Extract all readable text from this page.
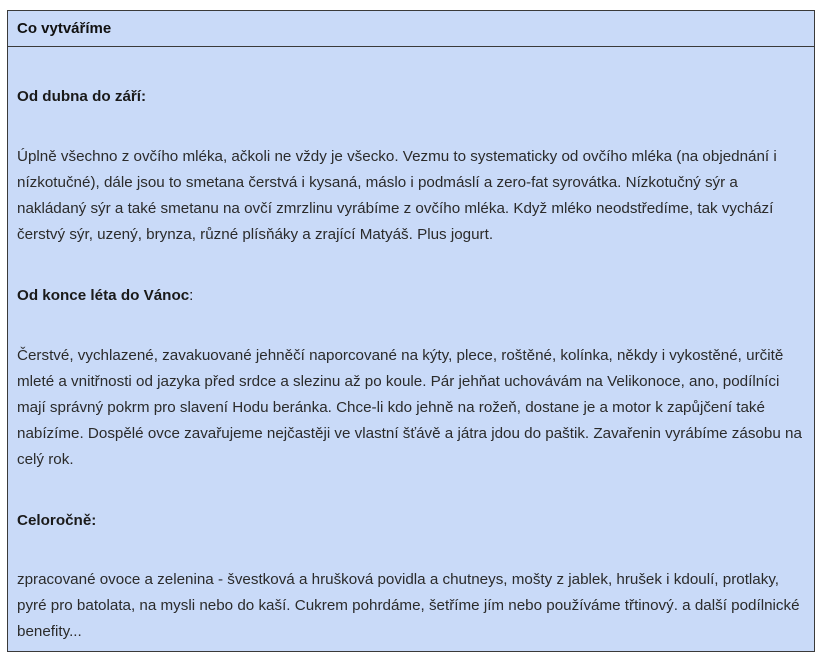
Co vytváříme

Od dubna do září:

Úplně všechno z ovčího mléka, ačkoli ne vždy je všecko. Vezmu to systematicky od ovčího mléka (na objednání i nízkotučné), dále jsou to smetana čerstvá i kysaná, máslo i podmáslí a zero-fat syrovátka. Nízkotučný sýr a nakládaný sýr a také smetanu na ovčí zmrzlinu vyrábíme z ovčího mléka. Když mléko neodstředíme, tak vychází čerstvý sýr, uzený, brynza, různé plísňáky a zrající Matyáš. Plus jogurt.

Od konce léta do Vánoc:

Čerstvé, vychlazené, zavakuované jehněčí naporcované na kýty, plece, roštěné, kolínka, někdy i vykostěné, určitě mleté a vnitřnosti od jazyka před srdce a slezinu až po koule. Pár jehňat uchovávám na Velikonoce, ano, podílníci mají správný pokrm pro slavení Hodu beránka. Chce-li kdo jehně na rožeň, dostane je a motor k zapůjčení také nabízíme. Dospělé ovce zavařujeme nejčastěji ve vlastní šťávě a játra jdou do paštik. Zavařenin vyrábíme zásobu na celý rok.

Celoročně:

zpracované ovoce a zelenina - švestková a hrušková povidla a chutneys, mošty z jablek, hrušek i kdoulí, protlaky, pyré pro batolata, na mysli nebo do kaší. Cukrem pohrdáme, šetříme jím nebo používáme třtinový. a další podílnické benefity...
